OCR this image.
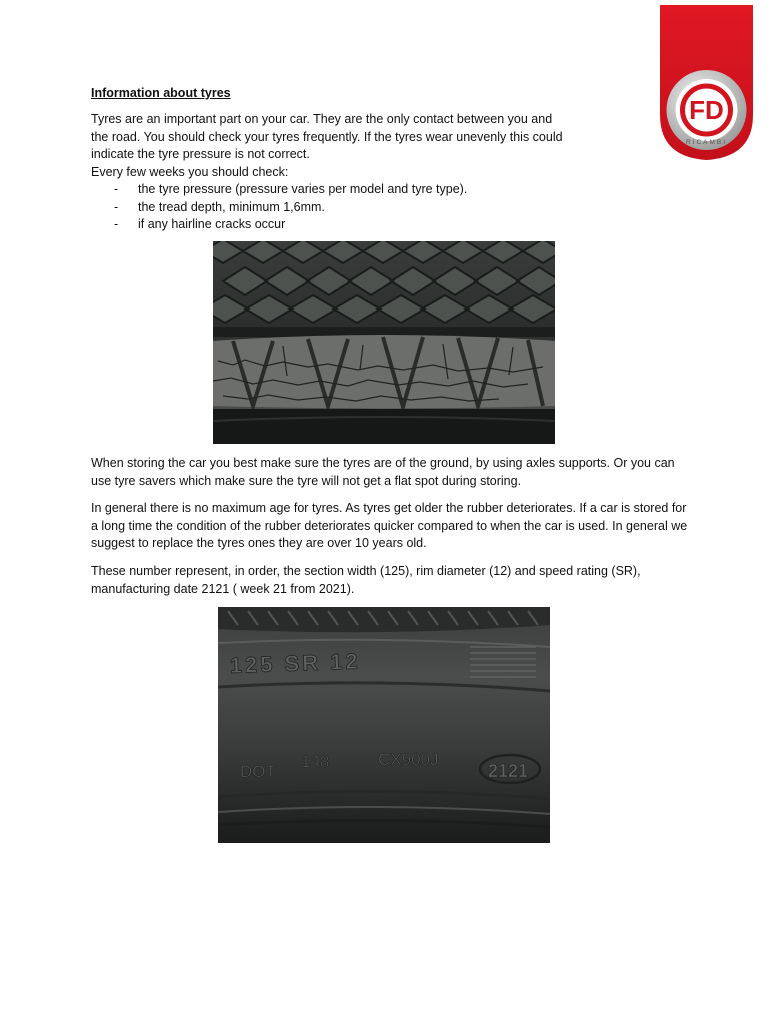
FD
RICAMBI
Information about tyres

Tyres are an important part on your car. They are the only contact between you and the road. You should check your tyres frequently. If the tyres wear unevenly this could indicate the tyre pressure is not correct.

Every few weeks you should check:

- the tyre pressure (pressure varies per model and tyre type).
- the tread depth, minimum 1,6mm.
- if any hairline cracks occur

When storing the car you best make sure the tyres are of the ground, by using axles supports. Or you can use tyre savers which make sure the tyre will not get a flat spot during storing.

In general there is no maximum age for tyres. As tyres get older the rubber deteriorates. If a car is stored for a long time the condition of the rubber deteriorates quicker compared to when the car is used. In general we suggest to replace the tyres ones they are over 10 years old.

These number represent, in order, the section width (125), rim diameter (12) and speed rating (SR), manufacturing date 2121 ( week 21 from 2021).

125 SR 12
DOT
148	CX900J
2121
